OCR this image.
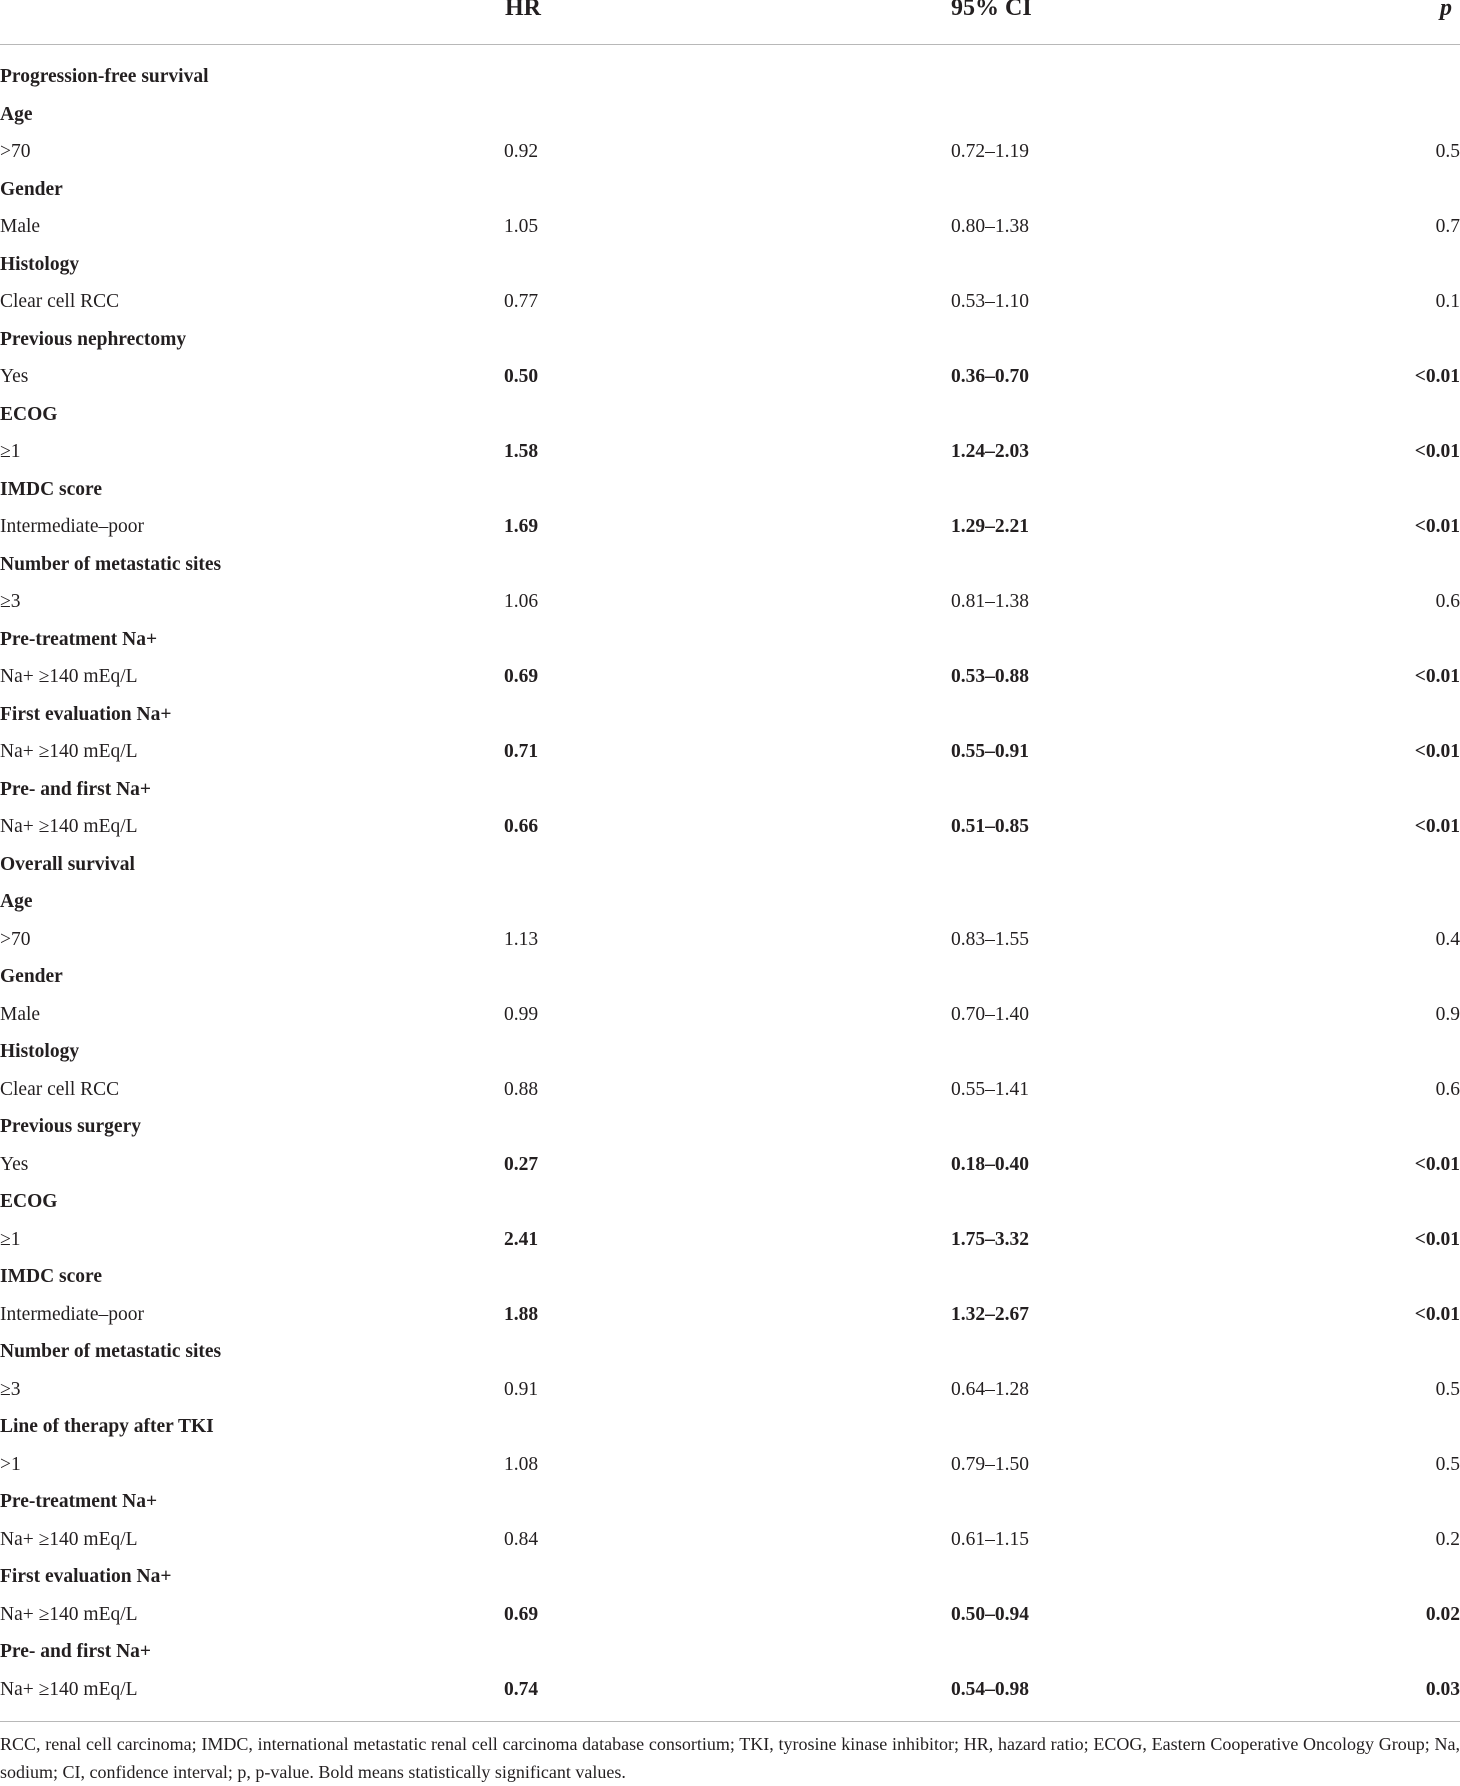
HR	95% CI	p
Progression-free survival
Age
>70	0.92	0.72–1.19	0.5
Gender
Male	1.05	0.80–1.38	0.7
Histology
Clear cell RCC	0.77	0.53–1.10	0.1
Previous nephrectomy
Yes	0.50	0.36–0.70	<0.01
ECOG
≥1	1.58	1.24–2.03	<0.01
IMDC score
Intermediate–poor	1.69	1.29–2.21	<0.01
Number of metastatic sites
≥3	1.06	0.81–1.38	0.6
Pre-treatment Na+
Na+ ≥140 mEq/L	0.69	0.53–0.88	<0.01
First evaluation Na+
Na+ ≥140 mEq/L	0.71	0.55–0.91	<0.01
Pre- and first Na+
Na+ ≥140 mEq/L	0.66	0.51–0.85	<0.01
Overall survival
Age
>70	1.13	0.83–1.55	0.4
Gender
Male	0.99	0.70–1.40	0.9
Histology
Clear cell RCC	0.88	0.55–1.41	0.6
Previous surgery
Yes	0.27	0.18–0.40	<0.01
ECOG
≥1	2.41	1.75–3.32	<0.01
IMDC score
Intermediate–poor	1.88	1.32–2.67	<0.01
Number of metastatic sites
≥3	0.91	0.64–1.28	0.5
Line of therapy after TKI
>1	1.08	0.79–1.50	0.5
Pre-treatment Na+
Na+ ≥140 mEq/L	0.84	0.61–1.15	0.2
First evaluation Na+
Na+ ≥140 mEq/L	0.69	0.50–0.94	0.02
Pre- and first Na+
Na+ ≥140 mEq/L	0.74	0.54–0.98	0.03
RCC, renal cell carcinoma; IMDC, international metastatic renal cell carcinoma database consortium; TKI, tyrosine kinase inhibitor; HR, hazard ratio; ECOG, Eastern Cooperative Oncology Group; Na, sodium; CI, confidence interval; p, p-value. Bold means statistically significant values.
